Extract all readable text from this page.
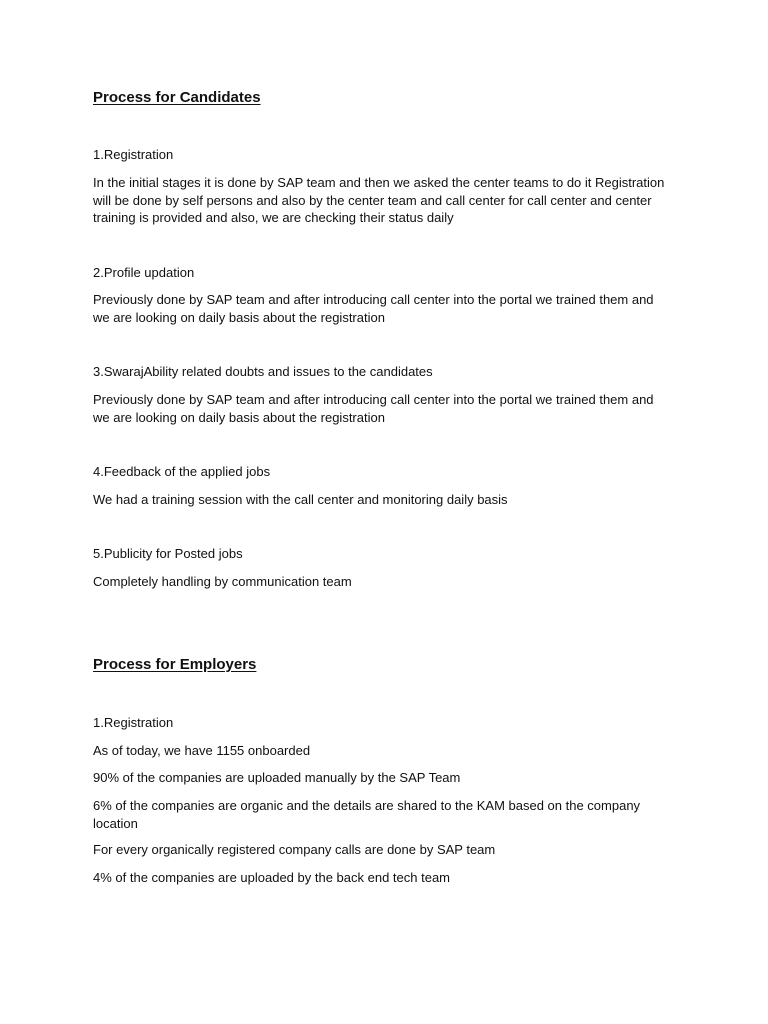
Process for Candidates
1.Registration
In the initial stages it is done by SAP team and then we asked the center teams to do it Registration will be done by self persons and also by the center team and call center for call center and center training is provided and also, we are checking their status daily
2.Profile updation
Previously done by SAP team and after introducing call center into the portal we trained them and we are looking on daily basis about the registration
3.SwarajAbility related doubts and issues to the candidates
Previously done by SAP team and after introducing call center into the portal we trained them and we are looking on daily basis about the registration
4.Feedback of the applied jobs
We had a training session with the call center and monitoring daily basis
5.Publicity for Posted jobs
Completely handling by communication team
Process for Employers
1.Registration
As of today, we have 1155 onboarded
90% of the companies are uploaded manually by the SAP Team
6% of the companies are organic and the details are shared to the KAM based on the company location
For every organically registered company calls are done by SAP team
4% of the companies are uploaded by the back end tech team
